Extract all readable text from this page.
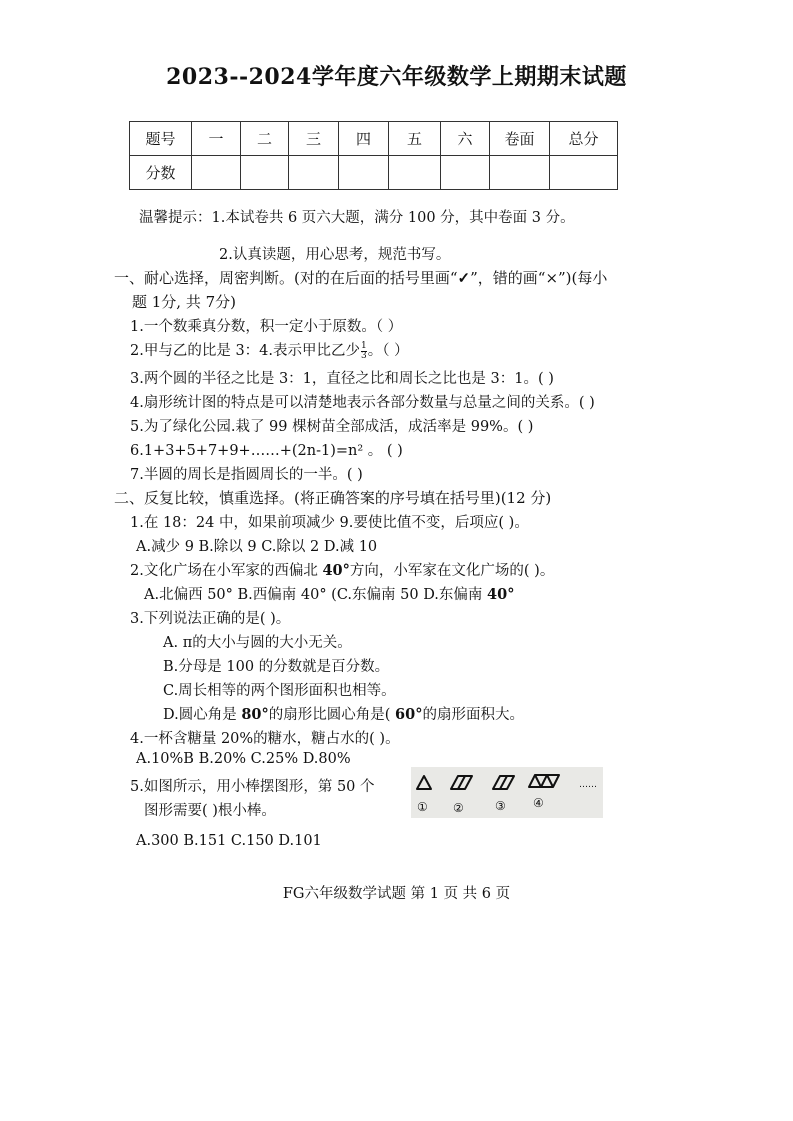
2023--2024学年度六年级数学上期期末试题
题号	一	二	三	四	五	六	卷面	总分
分数								
温馨提示：1.本试卷共 6 页六大题，满分 100 分，其中卷面 3 分。
2.认真读题，用心思考，规范书写。
一、耐心选择，周密判断。(对的在后面的括号里画“✓”，错的画“×”)(每小
题 1分, 共 7分)
1.一个数乘真分数，积一定小于原数。（ ）
2.甲与乙的比是 3：4.表示甲比乙少 $\frac{1}{3}$ 。（ ）
3.两个圆的半径之比是 3：1，直径之比和周长之比也是 3：1。( )
4.扇形统计图的特点是可以清楚地表示各部分数量与总量之间的关系。( )
5.为了绿化公园.栽了 99 棵树苗全部成活，成活率是 99%。( )
6.1+3+5+7+9+……+(2n-1)=n² 。 ( )
7.半圆的周长是指圆周长的一半。( )
二、反复比较，慎重选择。(将正确答案的序号填在括号里)(12 分)
1.在 18：24 中，如果前项减少 9.要使比值不变，后项应( )。
A.减少 9 B.除以 9 C.除以 2 D.减 10
2.文化广场在小军家的西偏北 40°方向，小军家在文化广场的( )。
A.北偏西 50° B.西偏南 40° (C.东偏南 50 D.东偏南 40°
3.下列说法正确的是( )。
A. π的大小与圆的大小无关。
B.分母是 100 的分数就是百分数。
C.周长相等的两个图形面积也相等。
D.圆心角是 80°的扇形比圆心角是( 60°的扇形面积大。
4.一杯含糖量 20%的糖水，糖占水的( )。
A.10%B B.20% C.25% D.80%
5.如图所示，用小棒摆图形，第 50 个
图形需要( )根小棒。
A.300 B.151 C.150 D.101
① ②	③ ④
……
FG六年级数学试题 第 1 页 共 6 页
